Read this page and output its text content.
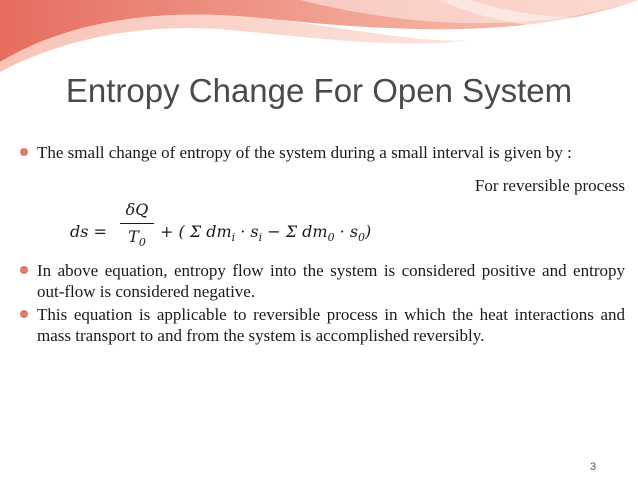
Entropy Change For Open System
The small change of entropy of the system during a small interval is given by :
For reversible process
ds =
δQ
$T_0$
+ ( Σ $dm_i \cdot s_i - \Sigma$ $dm_0 \cdot s_0$)
In above equation, entropy flow into the system is considered positive and entropy out-flow is considered negative.
This equation is applicable to reversible process in which the heat interactions and mass transport to and from the system is accomplished reversibly.
3
